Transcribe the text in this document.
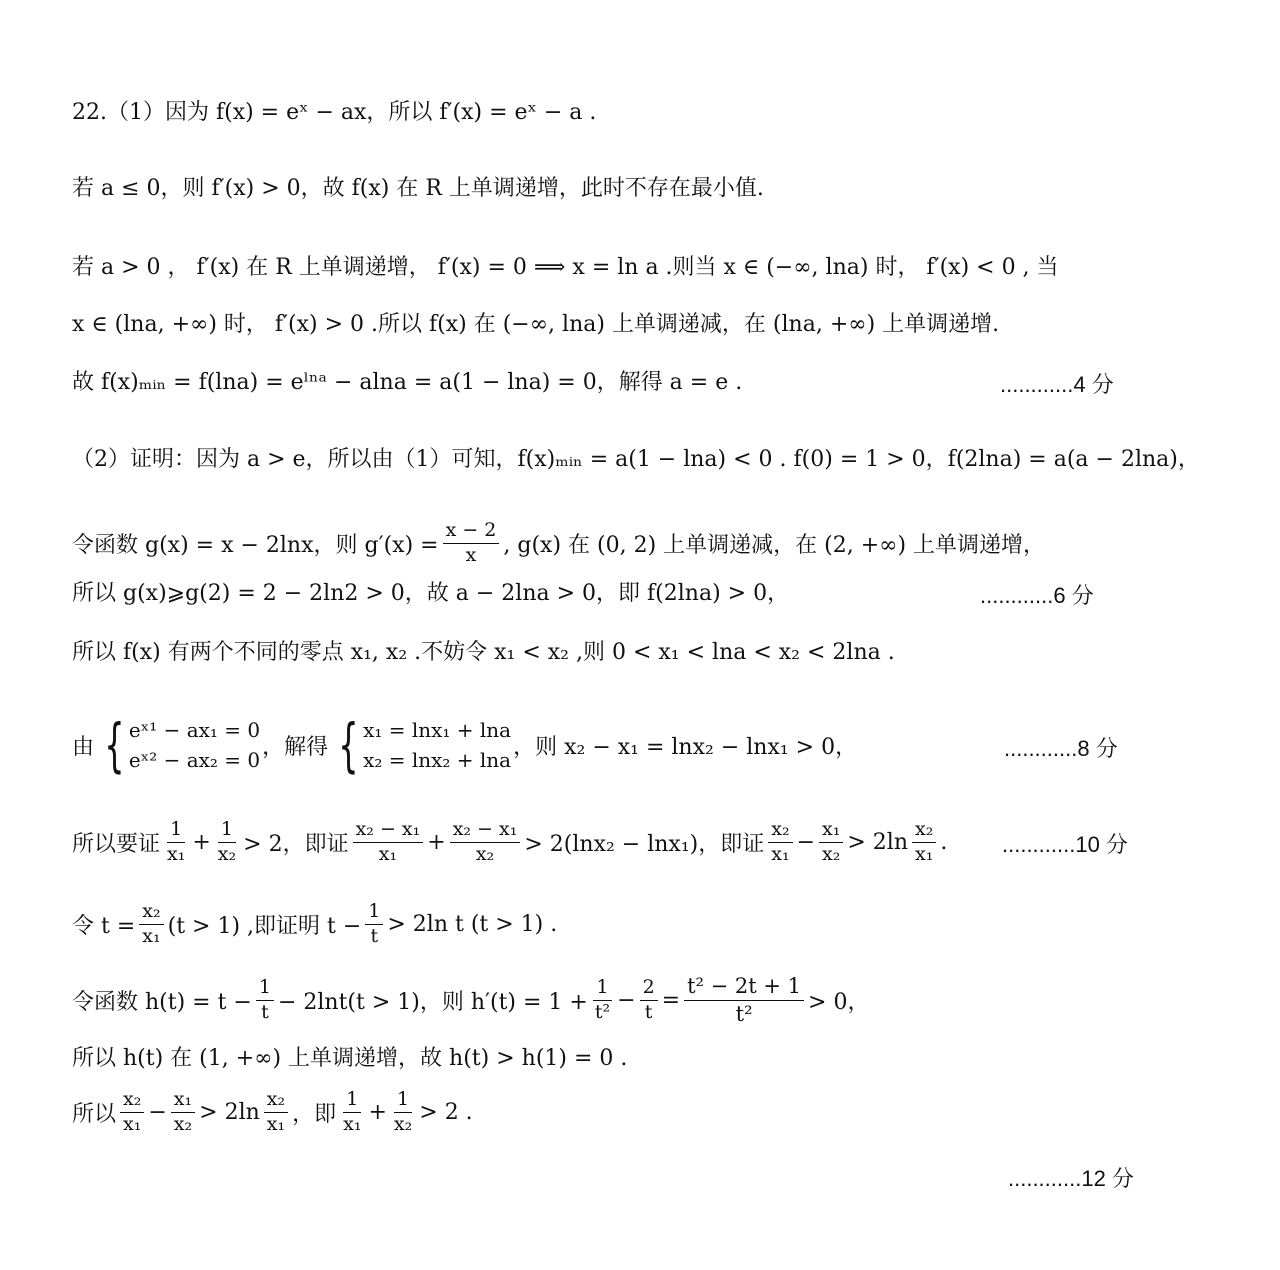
22.（1）因为 f(x) = eˣ − ax，所以 f′(x) = eˣ − a .
若 a ≤ 0，则 f′(x) > 0，故 f(x) 在 R 上单调递增，此时不存在最小值.
若 a > 0 ， f′(x) 在 R 上单调递增， f′(x) = 0 ⟹ x = ln a .则当 x ∈ (−∞, lna) 时， f′(x) < 0 , 当
x ∈ (lna, +∞) 时， f′(x) > 0 .所以 f(x) 在 (−∞, lna) 上单调递减，在 (lna, +∞) 上单调递增.
故 f(x)ₘᵢₙ = f(lna) = eˡⁿᵃ − alna = a(1 − lna) = 0，解得 a = e .	............4 分
（2）证明：因为 a > e，所以由（1）可知，f(x)ₘᵢₙ = a(1 − lna) < 0 . f(0) = 1 > 0，f(2lna) = a(a − 2lna)，
令函数 g(x) = x − 2lnx，则 $g'(x) = \frac{x - 2}{x}$ , g(x) 在 (0, 2) 上单调递减，在 (2, +∞) 上单调递增，
所以 g(x)⩾g(2) = 2 − 2ln2 > 0，故 a − 2lna > 0，即 f(2lna) > 0，	............6 分
所以 f(x) 有两个不同的零点 x₁, x₂ .不妨令 x₁ < x₂ ,则 0 < x₁ < lna < x₂ < 2lna .
由 { eˣ¹ − ax₁ = 0
eˣ² − ax₂ = 0
，解得 { x₁ = lnx₁ + lna
x₂ = lnx₂ + lna
，则 x₂ − x₁ = lnx₂ − lnx₁ > 0，	............8 分
所以要证 $\frac{1}{\text{x₁}} + \frac{1}{\text{x₂}} > 2$，即证 $\frac{\text{x₂ − x₁}}{\text{x₁}} + \frac{\text{x₂ − x₁}}{\text{x₂}} > 2(\ln x_2 - \ln x_1)$，即证 $\frac{\text{x₂}}{\text{x₁}} - \frac{\text{x₁}}{\text{x₂}} > 2\ln \frac{\text{x₂}}{\text{x₁}}$ . ............10 分
令 $t = \frac{\text{x₂}}{\text{x₁}} (t > 1)$ ,即证明 $t - \frac{1}{t} > 2\ln$ t (t > 1) .
令函数 $h(t) = t - \frac{1}{t} - 2\ln t(t > 1)$，则 $h'(t) = 1 + \frac{1}{\text{t²}} - \frac{2}{t} = \frac{\text{t² − 2t + 1}}{\text{t²}} > 0$，
所以 h(t) 在 (1, +∞) 上单调递增，故 h(t) > h(1) = 0 .
所以 $\frac{\text{x₂}}{\text{x₁}} - \frac{\text{x₁}}{\text{x₂}} > 2\ln \frac{\text{x₂}}{\text{x₁}}$ ，即 $\frac{1}{\text{x₁}} + \frac{1}{\text{x₂}} > 2$ .
............12 分
